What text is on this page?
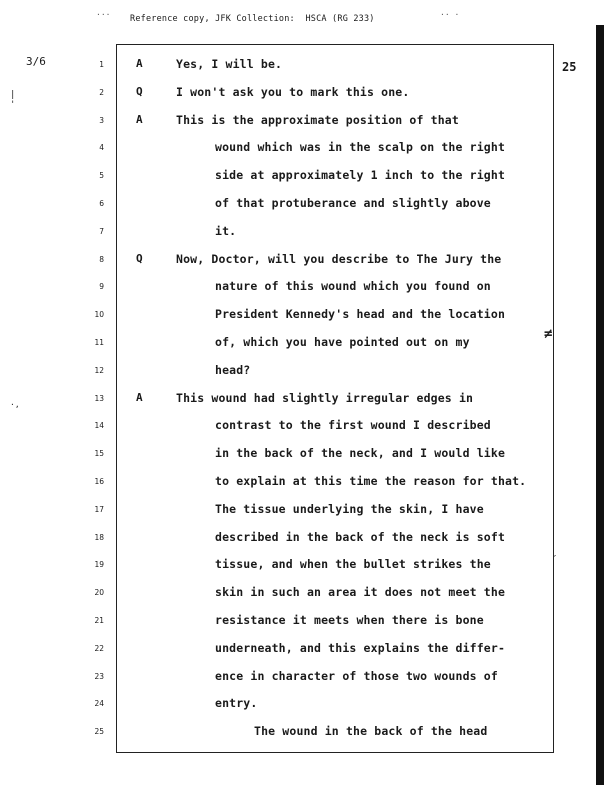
Reference copy, JFK Collection:  HSCA (RG 233)
···	·· ·
3/6	25
|
'
·,
≠
′
1	A	Yes, I will be.
2	Q	I won't ask you to mark this one.
3	A	This is the approximate position of that
4	wound which was in the scalp on the right
5	side at approximately 1 inch to the right
6	of that protuberance and slightly above
7	it.
8	Q	Now, Doctor, will you describe to The Jury the
9	nature of this wound which you found on
10	President Kennedy's head and the location
11	of, which you have pointed out on my
12	head?
13	A	This wound had slightly irregular edges in
14	contrast to the first wound I described
15	in the back of the neck, and I would like
16	to explain at this time the reason for that.
17	The tissue underlying the skin, I have
18	described in the back of the neck is soft
19	tissue, and when the bullet strikes the
20	skin in such an area it does not meet the
21	resistance it meets when there is bone
22	underneath, and this explains the differ-
23	ence in character of those two wounds of
24	entry.
25	The wound in the back of the head
